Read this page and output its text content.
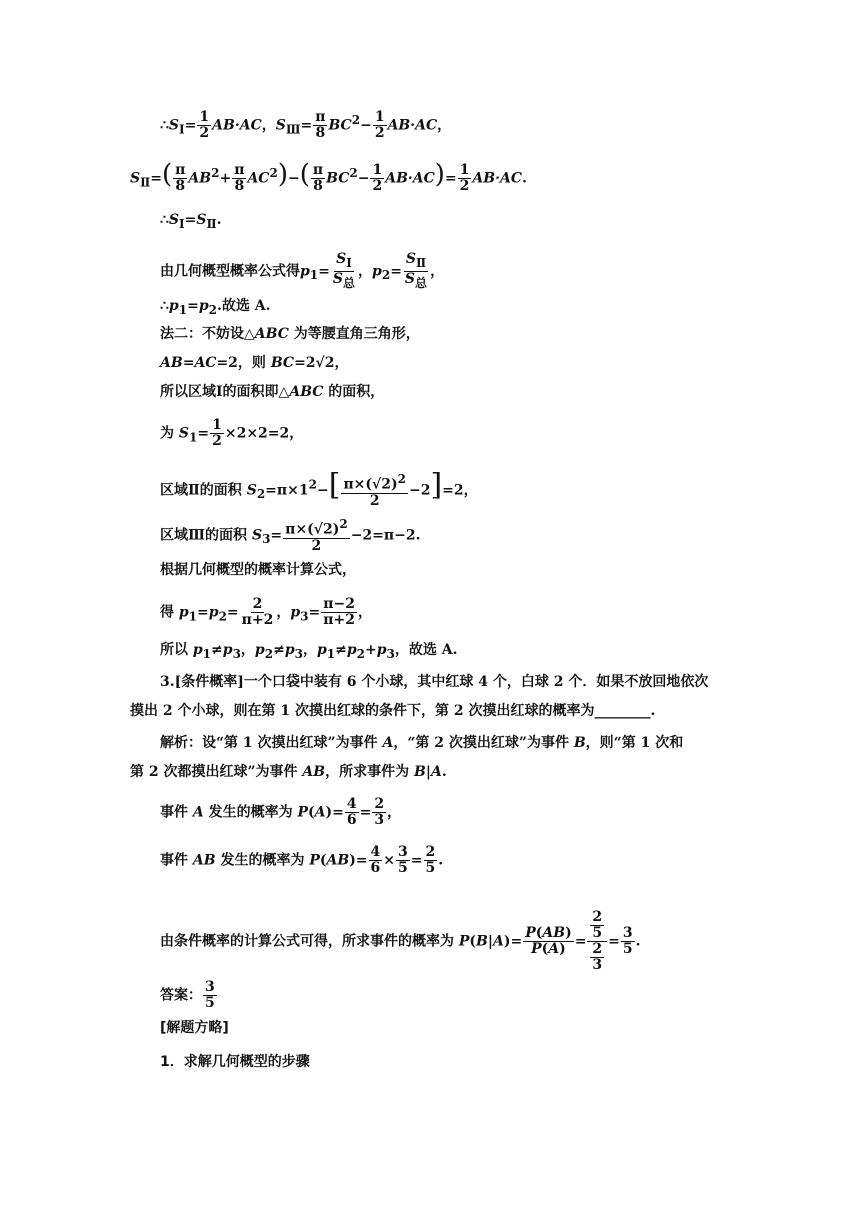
$\therefore S_Ⅰ= \frac{1}{2} AB\cdot AC$，$S_Ⅲ= \frac{\pi}{8} BC^2- \frac{1}{2} AB\cdot AC$，
$S_Ⅱ=( \frac{\pi}{8} AB^2+ \frac{\pi}{8} AC^2)-( \frac{\pi}{8} BC^2- \frac{1}{2} AB\cdot AC)= \frac{1}{2} AB\cdot AC$.
$\therefore S_Ⅰ=S_Ⅱ$.
由几何概型概率公式得$p_1= \frac{S_Ⅰ}{S_总}$ ，$p_2= \frac{S_Ⅱ}{S_总}$ ，
$\therefore p_1=p_2$.故选 A.
法二：不妨设△ABC 为等腰直角三角形，
AB=AC=2，则 BC=2√2，
所以区域Ⅰ的面积即△ABC 的面积，
为 $S_1= \frac{1}{2} \times 2\times 2=2$，
区域Ⅱ的面积 $S_2=\pi\times 1^2-[ \frac{\pi\times(√2)^2}{2} -2]=2$，
区域Ⅲ的面积 $S_3= \frac{\pi\times(√2)^2}{2} -2=\pi-2$.
根据几何概型的概率计算公式，
得 $p_1=p_2= \frac{2}{\pi+2}$ ，$p_3= \frac{\pi-2}{\pi+2}$ ，
所以 $p_1\ne p_3$，$p_2\ne p_3$，$p_1\ne p_2+p_3$，故选 A.
3.[条件概率]一个口袋中装有 6 个小球，其中红球 4 个，白球 2 个．如果不放回地依次
摸出 2 个小球，则在第 1 次摸出红球的条件下，第 2 次摸出红球的概率为________.
解析：设“第 1 次摸出红球”为事件 A，“第 2 次摸出红球”为事件 B，则“第 1 次和
第 2 次都摸出红球”为事件 AB，所求事件为 B|A.
事件 A 发生的概率为 $P(A)= \frac{4}{6} = \frac{2}{3}$ ，
事件 AB 发生的概率为 $P(AB)= \frac{4}{6} \times \frac{3}{5} = \frac{2}{5}$ .
由条件概率的计算公式可得，所求事件的概率为 $P(B|A)= \frac{P(AB)}{P(A)} = \frac{\frac{2}{5}}{\frac{2}{3}} = \frac{3}{5}$ .
答案： $\frac{3}{5}$
[解题方略]
1．求解几何概型的步骤
